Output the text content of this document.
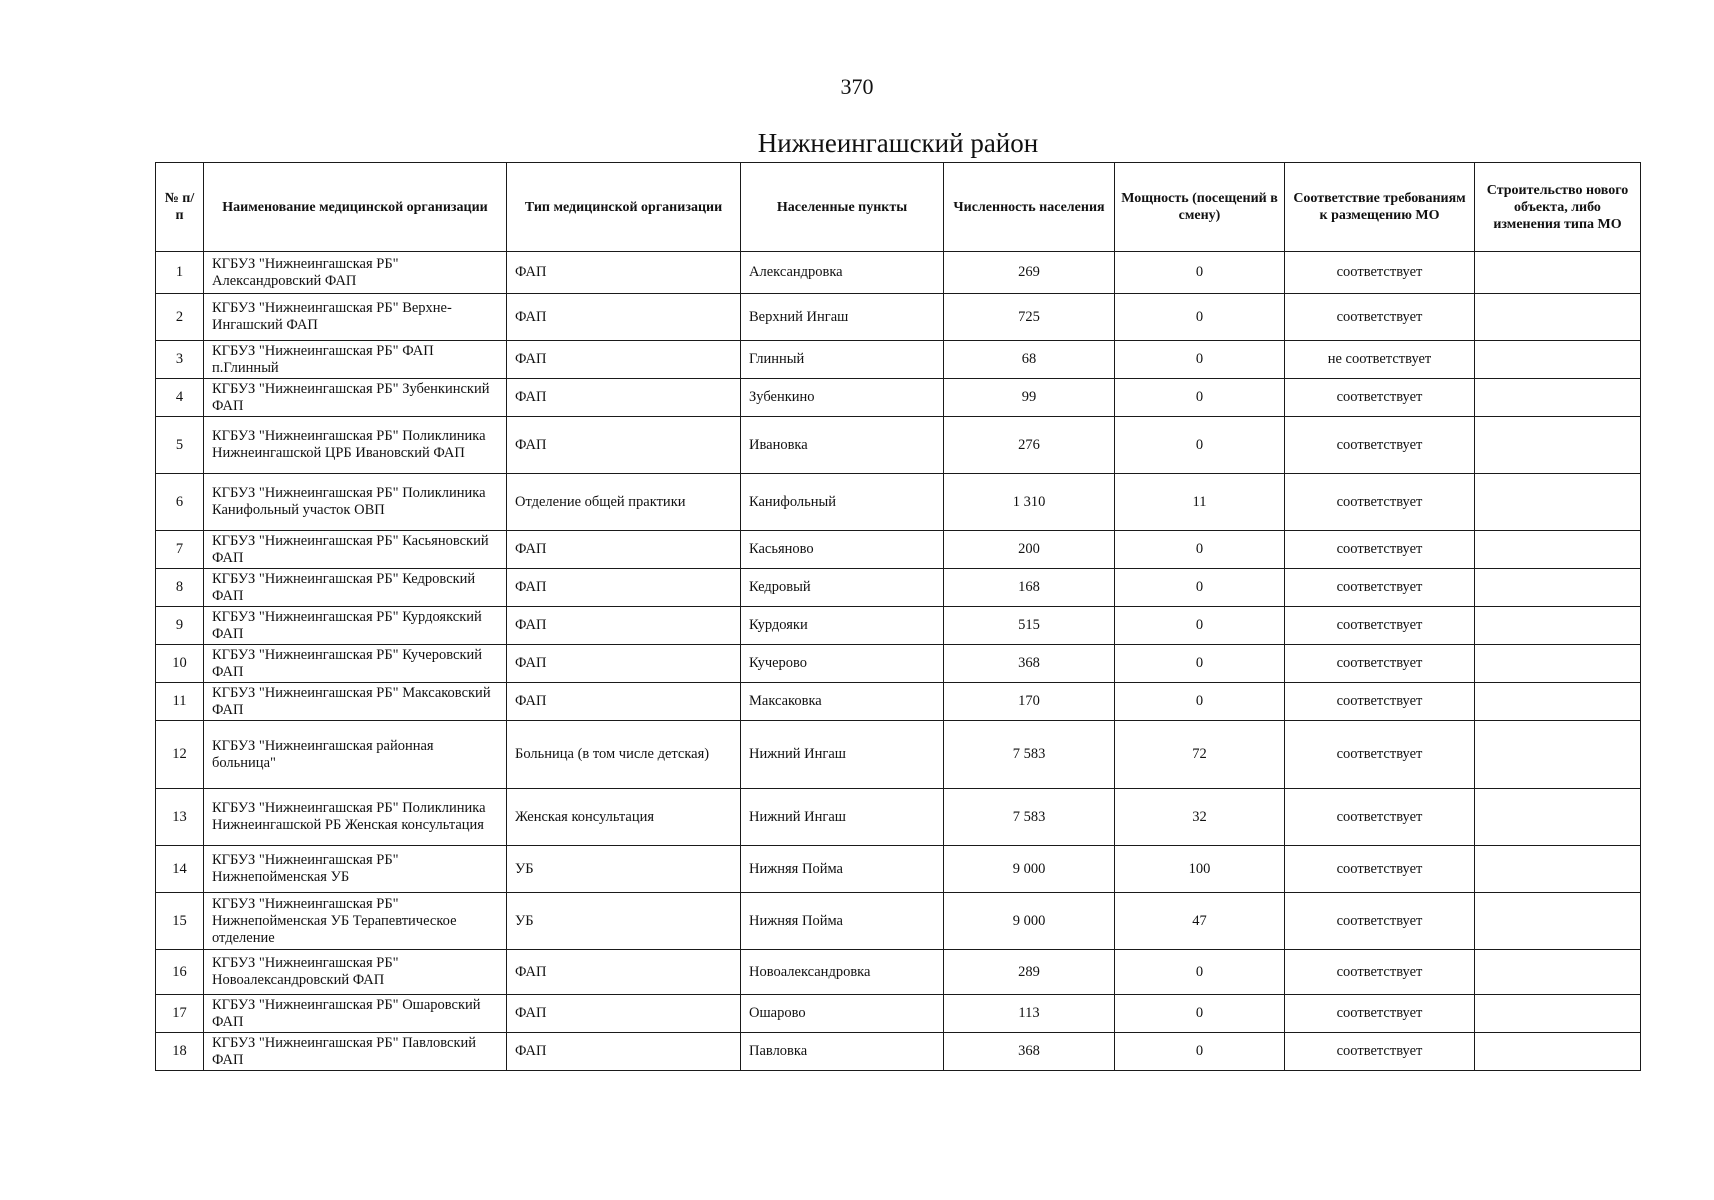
370
Нижнеингашский район
№ п/п	Наименование медицинской организации	Тип медицинской организации	Населенные пункты	Численность населения	Мощность (посещений в смену)	Соответствие требованиям к размещению МО	Строительство нового объекта, либо изменения типа МО
1	КГБУЗ "Нижнеингашская РБ" Александровский ФАП	ФАП	Александровка	269	0	соответствует	
2	КГБУЗ "Нижнеингашская РБ" Верхне-Ингашский ФАП	ФАП	Верхний Ингаш	725	0	соответствует	
3	КГБУЗ "Нижнеингашская РБ" ФАП п.Глинный	ФАП	Глинный	68	0	не соответствует	
4	КГБУЗ "Нижнеингашская РБ" Зубенкинский ФАП	ФАП	Зубенкино	99	0	соответствует	
5	КГБУЗ "Нижнеингашская РБ" Поликлиника Нижнеингашской ЦРБ Ивановский ФАП	ФАП	Ивановка	276	0	соответствует	
6	КГБУЗ "Нижнеингашская РБ" Поликлиника Канифольный участок ОВП	Отделение общей практики	Канифольный	1 310	11	соответствует	
7	КГБУЗ "Нижнеингашская РБ" Касьяновский ФАП	ФАП	Касьяново	200	0	соответствует	
8	КГБУЗ "Нижнеингашская РБ" Кедровский ФАП	ФАП	Кедровый	168	0	соответствует	
9	КГБУЗ "Нижнеингашская РБ" Курдоякский ФАП	ФАП	Курдояки	515	0	соответствует	
10	КГБУЗ "Нижнеингашская РБ" Кучеровский ФАП	ФАП	Кучерово	368	0	соответствует	
11	КГБУЗ "Нижнеингашская РБ" Максаковский ФАП	ФАП	Максаковка	170	0	соответствует	
12	КГБУЗ "Нижнеингашская районная больница"	Больница (в том числе детская)	Нижний Ингаш	7 583	72	соответствует	
13	КГБУЗ "Нижнеингашская РБ" Поликлиника Нижнеингашской РБ Женская консультация	Женская консультация	Нижний Ингаш	7 583	32	соответствует	
14	КГБУЗ "Нижнеингашская РБ" Нижнепойменская УБ	УБ	Нижняя Пойма	9 000	100	соответствует	
15	КГБУЗ "Нижнеингашская РБ" Нижнепойменская УБ Терапевтическое отделение	УБ	Нижняя Пойма	9 000	47	соответствует	
16	КГБУЗ "Нижнеингашская РБ" Новоалександровский ФАП	ФАП	Новоалександровка	289	0	соответствует	
17	КГБУЗ "Нижнеингашская РБ" Ошаровский ФАП	ФАП	Ошарово	113	0	соответствует	
18	КГБУЗ "Нижнеингашская РБ" Павловский ФАП	ФАП	Павловка	368	0	соответствует	
